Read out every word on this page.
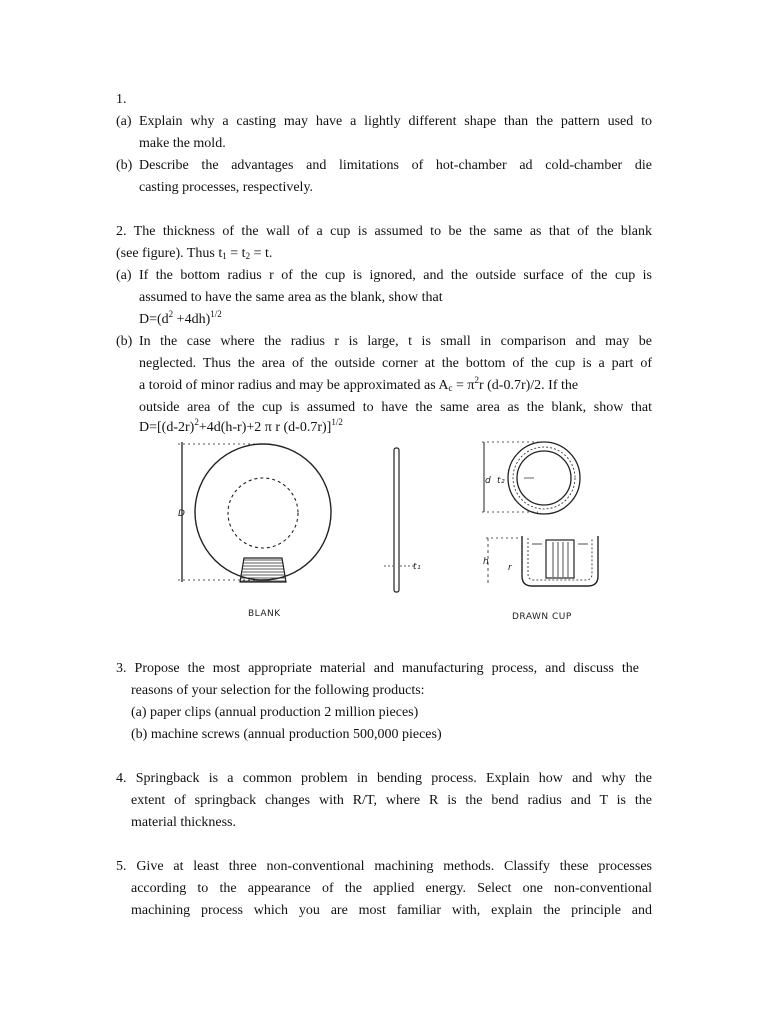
1.
(a) Explain why a casting may have a lightly different shape than the pattern used to
make the mold.
(b) Describe the advantages and limitations of hot-chamber ad cold-chamber die
casting processes, respectively.
2. The thickness of the wall of a cup is assumed to be the same as that of the blank
(see figure). Thus $t_1 = t_2 = t$.
(a) If the bottom radius r of the cup is ignored, and the outside surface of the cup is
assumed to have the same area as the blank, show that
$D=(d^2 +4dh)^{1/2}$
(b) In the case where the radius r is large, t is small in comparison and may be
neglected. Thus the area of the outside corner at the bottom of the cup is a part of
a toroid of minor radius and may be approximated as $A_c = \pi^2r$ (d-0.7r)/2. If the
outside area of the cup is assumed to have the same area as the blank, show that
$D=[(d-2r)^2+4d(h-r)+2$ π r (d-0.7r)]$^{1/2}$
D
t₁
BLANK
d t₂
h
r
DRAWN CUP
3. Propose the most appropriate material and manufacturing process, and discuss the
reasons of your selection for the following products:
(a) paper clips (annual production 2 million pieces)
(b) machine screws (annual production 500,000 pieces)
4. Springback is a common problem in bending process. Explain how and why the
extent of springback changes with R/T, where R is the bend radius and T is the
material thickness.
5. Give at least three non-conventional machining methods. Classify these processes
according to the appearance of the applied energy. Select one non-conventional
machining process which you are most familiar with, explain the principle and
